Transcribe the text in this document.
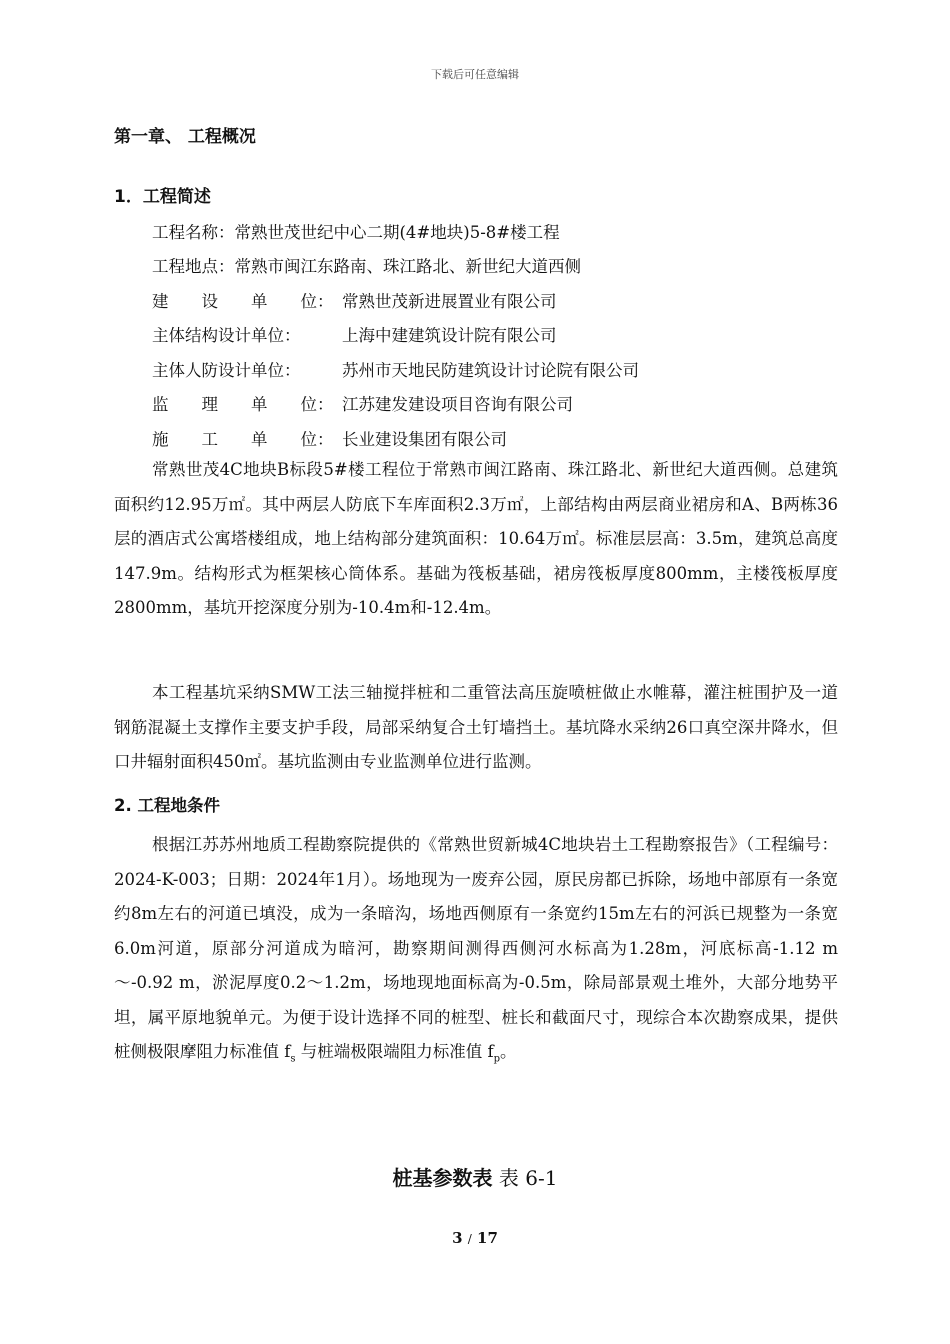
下载后可任意编辑
第一章、 工程概况
1．工程简述
工程名称：常熟世茂世纪中心二期(4#地块)5-8#楼工程
工程地点：常熟市闽江东路南、珠江路北、新世纪大道西侧
建　　设　　单　　位： 常熟世茂新进展置业有限公司
主体结构设计单位：	上海中建建筑设计院有限公司
主体人防设计单位：	苏州市天地民防建筑设计讨论院有限公司
监　　理　　单　　位： 江苏建发建设项目咨询有限公司
施　　工　　单　　位： 长业建设集团有限公司

常熟世茂4C地块B标段5#楼工程位于常熟市闽江路南、珠江路北、新世纪大道西侧。总建筑面积约12.95万㎡。其中两层人防底下车库面积2.3万㎡，上部结构由两层商业裙房和A、B两栋36层的酒店式公寓塔楼组成，地上结构部分建筑面积：10.64万㎡。标准层层高：3.5m，建筑总高度147.9m。结构形式为框架核心筒体系。基础为筏板基础，裙房筏板厚度800mm，主楼筏板厚度2800mm，基坑开挖深度分别为-10.4m和-12.4m。

本工程基坑采纳SMW工法三轴搅拌桩和二重管法高压旋喷桩做止水帷幕，灌注桩围护及一道钢筋混凝土支撑作主要支护手段，局部采纳复合土钉墙挡土。基坑降水采纳26口真空深井降水，但口井辐射面积450㎡。基坑监测由专业监测单位进行监测。

2. 工程地条件

根据江苏苏州地质工程勘察院提供的《常熟世贸新城4C地块岩土工程勘察报告》（工程编号：2024-K-003；日期：2024年1月）。场地现为一废弃公园，原民房都已拆除，场地中部原有一条宽约8m左右的河道已填没，成为一条暗沟，场地西侧原有一条宽约15m左右的河浜已规整为一条宽6.0m河道，原部分河道成为暗河，勘察期间测得西侧河水标高为1.28m，河底标高-1.12 m ～-0.92 m，淤泥厚度0.2～1.2m，场地现地面标高为-0.5m，除局部景观土堆外，大部分地势平坦，属平原地貌单元。为便于设计选择不同的桩型、桩长和截面尺寸，现综合本次勘察成果，提供桩侧极限摩阻力标准值 $f_s$ 与桩端极限端阻力标准值 $f_p$。

桩基参数表 表 6-1
3 / 17
